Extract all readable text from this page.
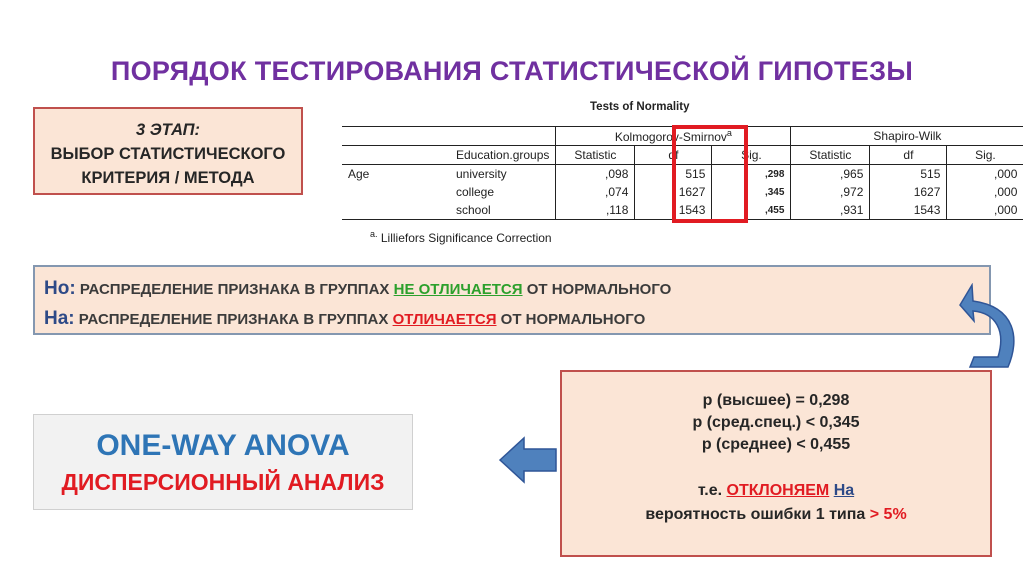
ПОРЯДОК ТЕСТИРОВАНИЯ СТАТИСТИЧЕСКОЙ ГИПОТЕЗЫ
3 ЭТАП:
ВЫБОР СТАТИСТИЧЕСКОГО
КРИТЕРИЯ / МЕТОДА
Tests of Normality
		Kolmogorov-Smirnov$^a$			Shapiro-Wilk		
	Education.groups	Statistic	df	Sig.	Statistic	df	Sig.
Age	university	,098	515	,298	,965	515	,000
	college	,074	1627	,345	,972	1627	,000
	school	,118	1543	,455	,931	1543	,000
$^{a.}$ Lilliefors Significance Correction
Ho: РАСПРЕДЕЛЕНИЕ ПРИЗНАКА В ГРУППАХ НЕ ОТЛИЧАЕТСЯ ОТ НОРМАЛЬНОГО
На: РАСПРЕДЕЛЕНИЕ ПРИЗНАКА В ГРУППАХ ОТЛИЧАЕТСЯ ОТ НОРМАЛЬНОГО
p (высшее) = 0,298
p (сред.спец.) < 0,345
p (среднее) < 0,455
т.е. ОТКЛОНЯЕМ На
вероятность ошибки 1 типа > 5%
ONE-WAY ANOVA
ДИСПЕРСИОННЫЙ АНАЛИЗ
